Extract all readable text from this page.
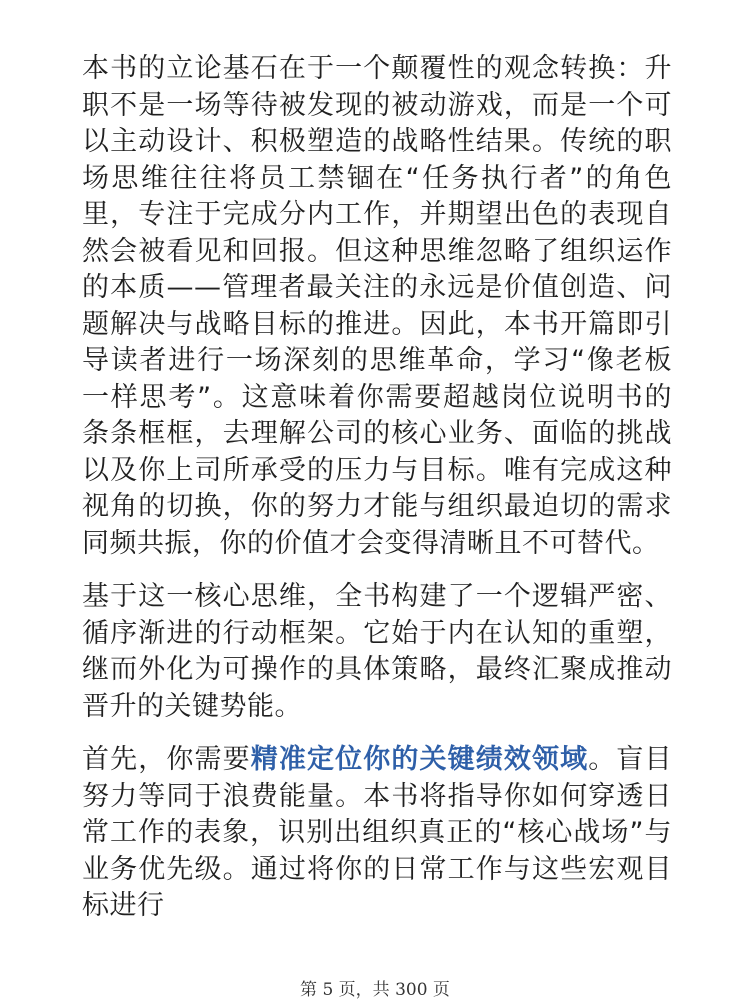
本书的立论基石在于一个颠覆性的观念转换：升职不是一场等待被发现的被动游戏，而是一个可以主动设计、积极塑造的战略性结果。传统的职场思维往往将员工禁锢在“任务执行者”的角色里，专注于完成分内工作，并期望出色的表现自然会被看见和回报。但这种思维忽略了组织运作的本质——管理者最关注的永远是价值创造、问题解决与战略目标的推进。因此，本书开篇即引导读者进行一场深刻的思维革命，学习“像老板一样思考”。这意味着你需要超越岗位说明书的条条框框，去理解公司的核心业务、面临的挑战以及你上司所承受的压力与目标。唯有完成这种视角的切换，你的努力才能与组织最迫切的需求同频共振，你的价值才会变得清晰且不可替代。

基于这一核心思维，全书构建了一个逻辑严密、循序渐进的行动框架。它始于内在认知的重塑，继而外化为可操作的具体策略，最终汇聚成推动晋升的关键势能。

首先，你需要精准定位你的关键绩效领域。盲目努力等同于浪费能量。本书将指导你如何穿透日常工作的表象，识别出组织真正的“核心战场”与业务优先级。通过将你的日常工作与这些宏观目标进行

第 5 页，共 300 页
